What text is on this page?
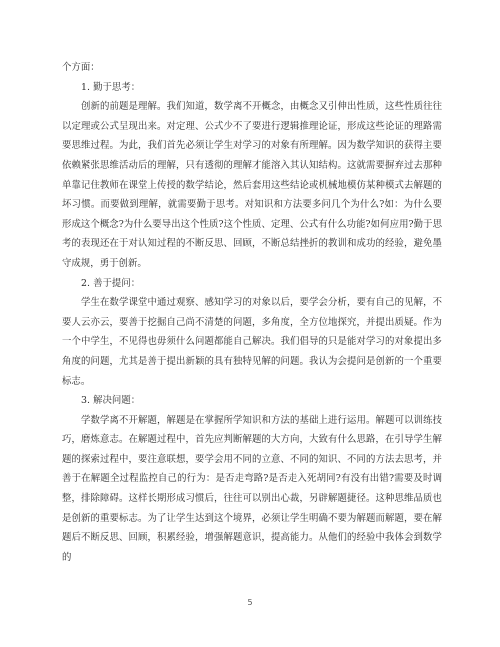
个方面：

1. 勤于思考：

创新的前题是理解。我们知道，数学离不开概念，由概念又引伸出性质，这些性质往往以定理或公式呈现出来。对定理、公式少不了要进行逻辑推理论证，形成这些论证的理路需要思维过程。为此，我们首先必须让学生对学习的对象有所理解。因为数学知识的获得主要依赖紧张思维活动后的理解，只有透彻的理解才能溶入其认知结构。这就需要摒弃过去那种单靠记住教师在课堂上传授的数学结论，然后套用这些结论或机械地模仿某种模式去解题的坏习惯。而要做到理解，就需要勤于思考。对知识和方法要多问几个为什么?如：为什么要形成这个概念?为什么要导出这个性质?这个性质、定理、公式有什么功能?如何应用?勤于思考的表现还在于对认知过程的不断反思、回顾，不断总结挫折的教训和成功的经验，避免墨守成规，勇于创新。

2. 善于提问：

学生在数学课堂中通过观察、感知学习的对象以后，要学会分析，要有自己的见解，不要人云亦云，要善于挖掘自己尚不清楚的问题，多角度，全方位地探究，并提出质疑。作为一个中学生，不见得也毋须什么问题都能自己解决。我们倡导的只是能对学习的对象提出多角度的问题，尤其是善于提出新颖的具有独特见解的问题。我认为会提问是创新的一个重要标志。

3. 解决问题：

学数学离不开解题，解题是在掌握所学知识和方法的基础上进行运用。解题可以训练技巧，磨炼意志。在解题过程中，首先应判断解题的大方向，大致有什么思路，在引导学生解题的探索过程中，要注意联想，要学会用不同的立意、不同的知识、不同的方法去思考，并善于在解题全过程监控自己的行为：是否走弯路?是否走入死胡同?有没有出错?需要及时调整，排除障碍。这样长期形成习惯后，往往可以别出心裁，另辟解题捷径。这种思维品质也是创新的重要标志。为了让学生达到这个境界，必须让学生明确不要为解题而解题，要在解题后不断反思、回顾，积累经验，增强解题意识，提高能力。从他们的经验中我体会到数学的

5
